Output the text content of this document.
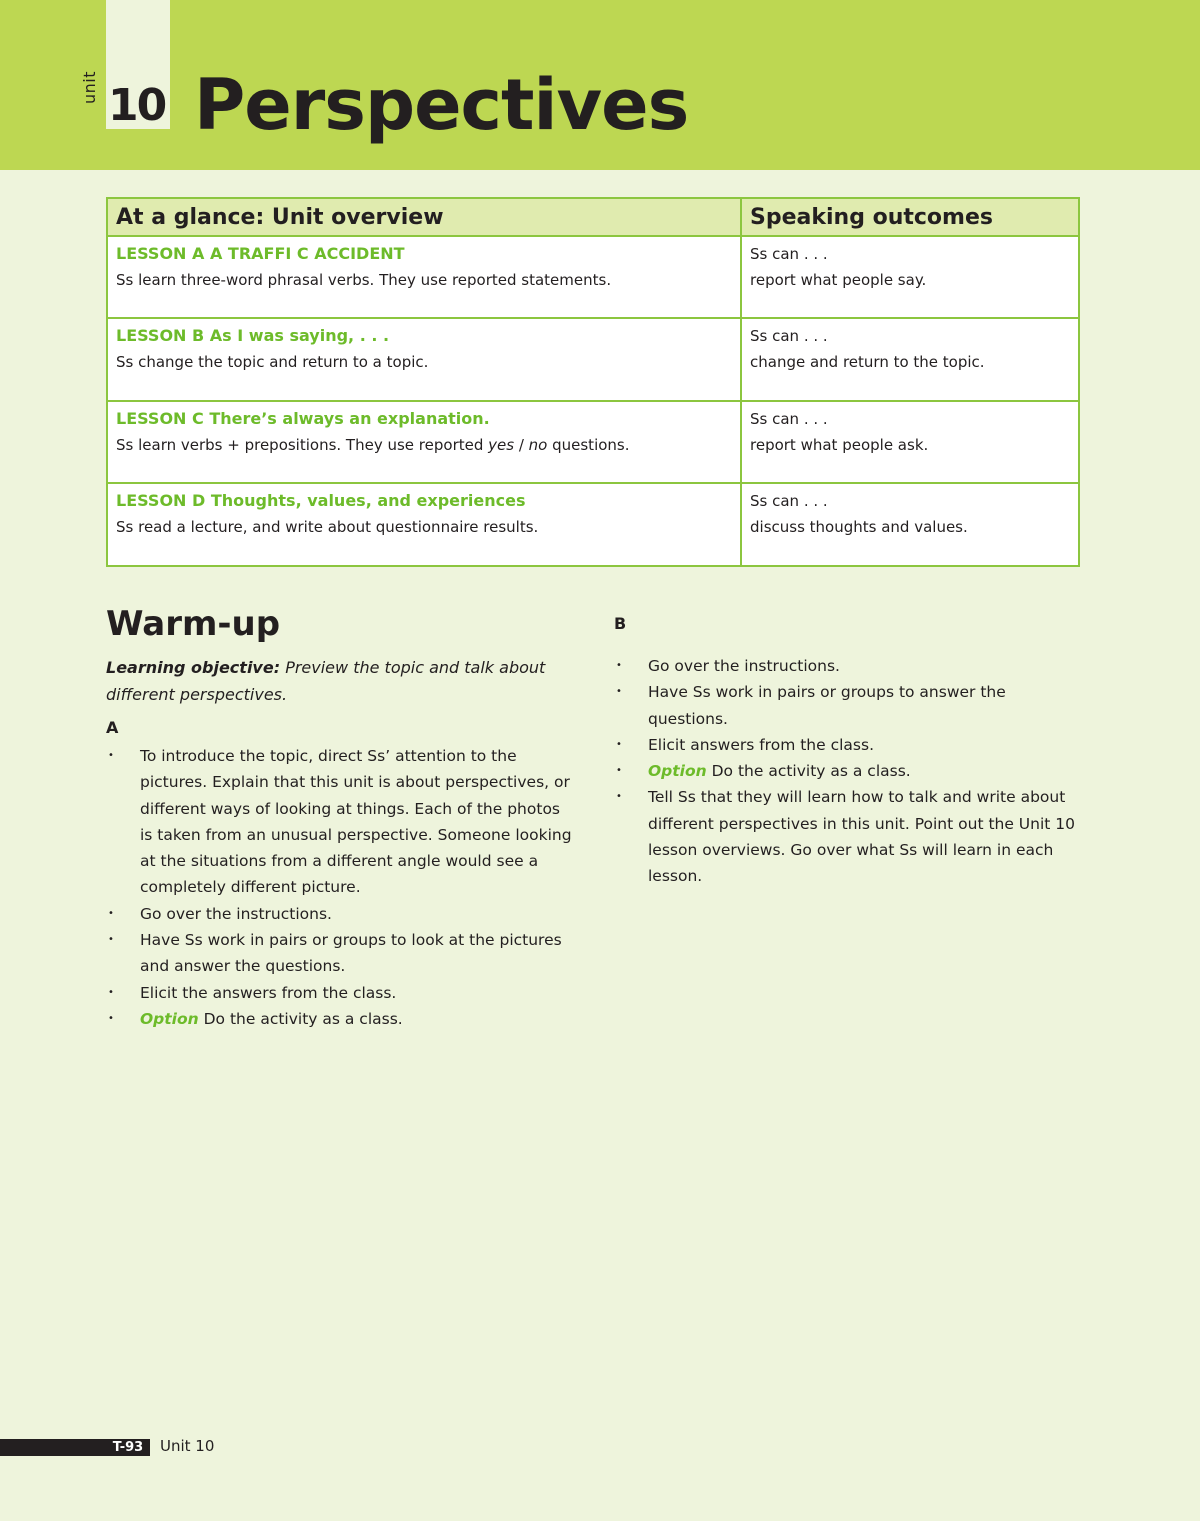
unit 10 Perspectives
At a glance: Unit overview	Speaking outcomes

LESSON A A TRAFFI C ACCIDENT
Ss learn three-word phrasal verbs. They use reported statements.	Ss can . . .
report what people say.

LESSON B As I was saying, . . .
Ss change the topic and return to a topic.	Ss can . . .
change and return to the topic.

LESSON C There’s always an explanation.
Ss learn verbs + prepositions. They use reported yes / no questions.	Ss can . . .
report what people ask.

LESSON D Thoughts, values, and experiences
Ss read a lecture, and write about questionnaire results.	Ss can . . .
discuss thoughts and values.
Warm-up

Learning objective: Preview the topic and talk about different perspectives.

A
• To introduce the topic, direct Ss’ attention to the pictures. Explain that this unit is about perspectives, or different ways of looking at things. Each of the photos is taken from an unusual perspective. Someone looking at the situations from a different angle would see a completely different picture.
• Go over the instructions.
• Have Ss work in pairs or groups to look at the pictures and answer the questions.
• Elicit the answers from the class.
• Option Do the activity as a class.
B
• Go over the instructions.
• Have Ss work in pairs or groups to answer the questions.
• Elicit answers from the class.
• Option Do the activity as a class.
• Tell Ss that they will learn how to talk and write about different perspectives in this unit. Point out the Unit 10 lesson overviews. Go over what Ss will learn in each lesson.
T-93	Unit 10
